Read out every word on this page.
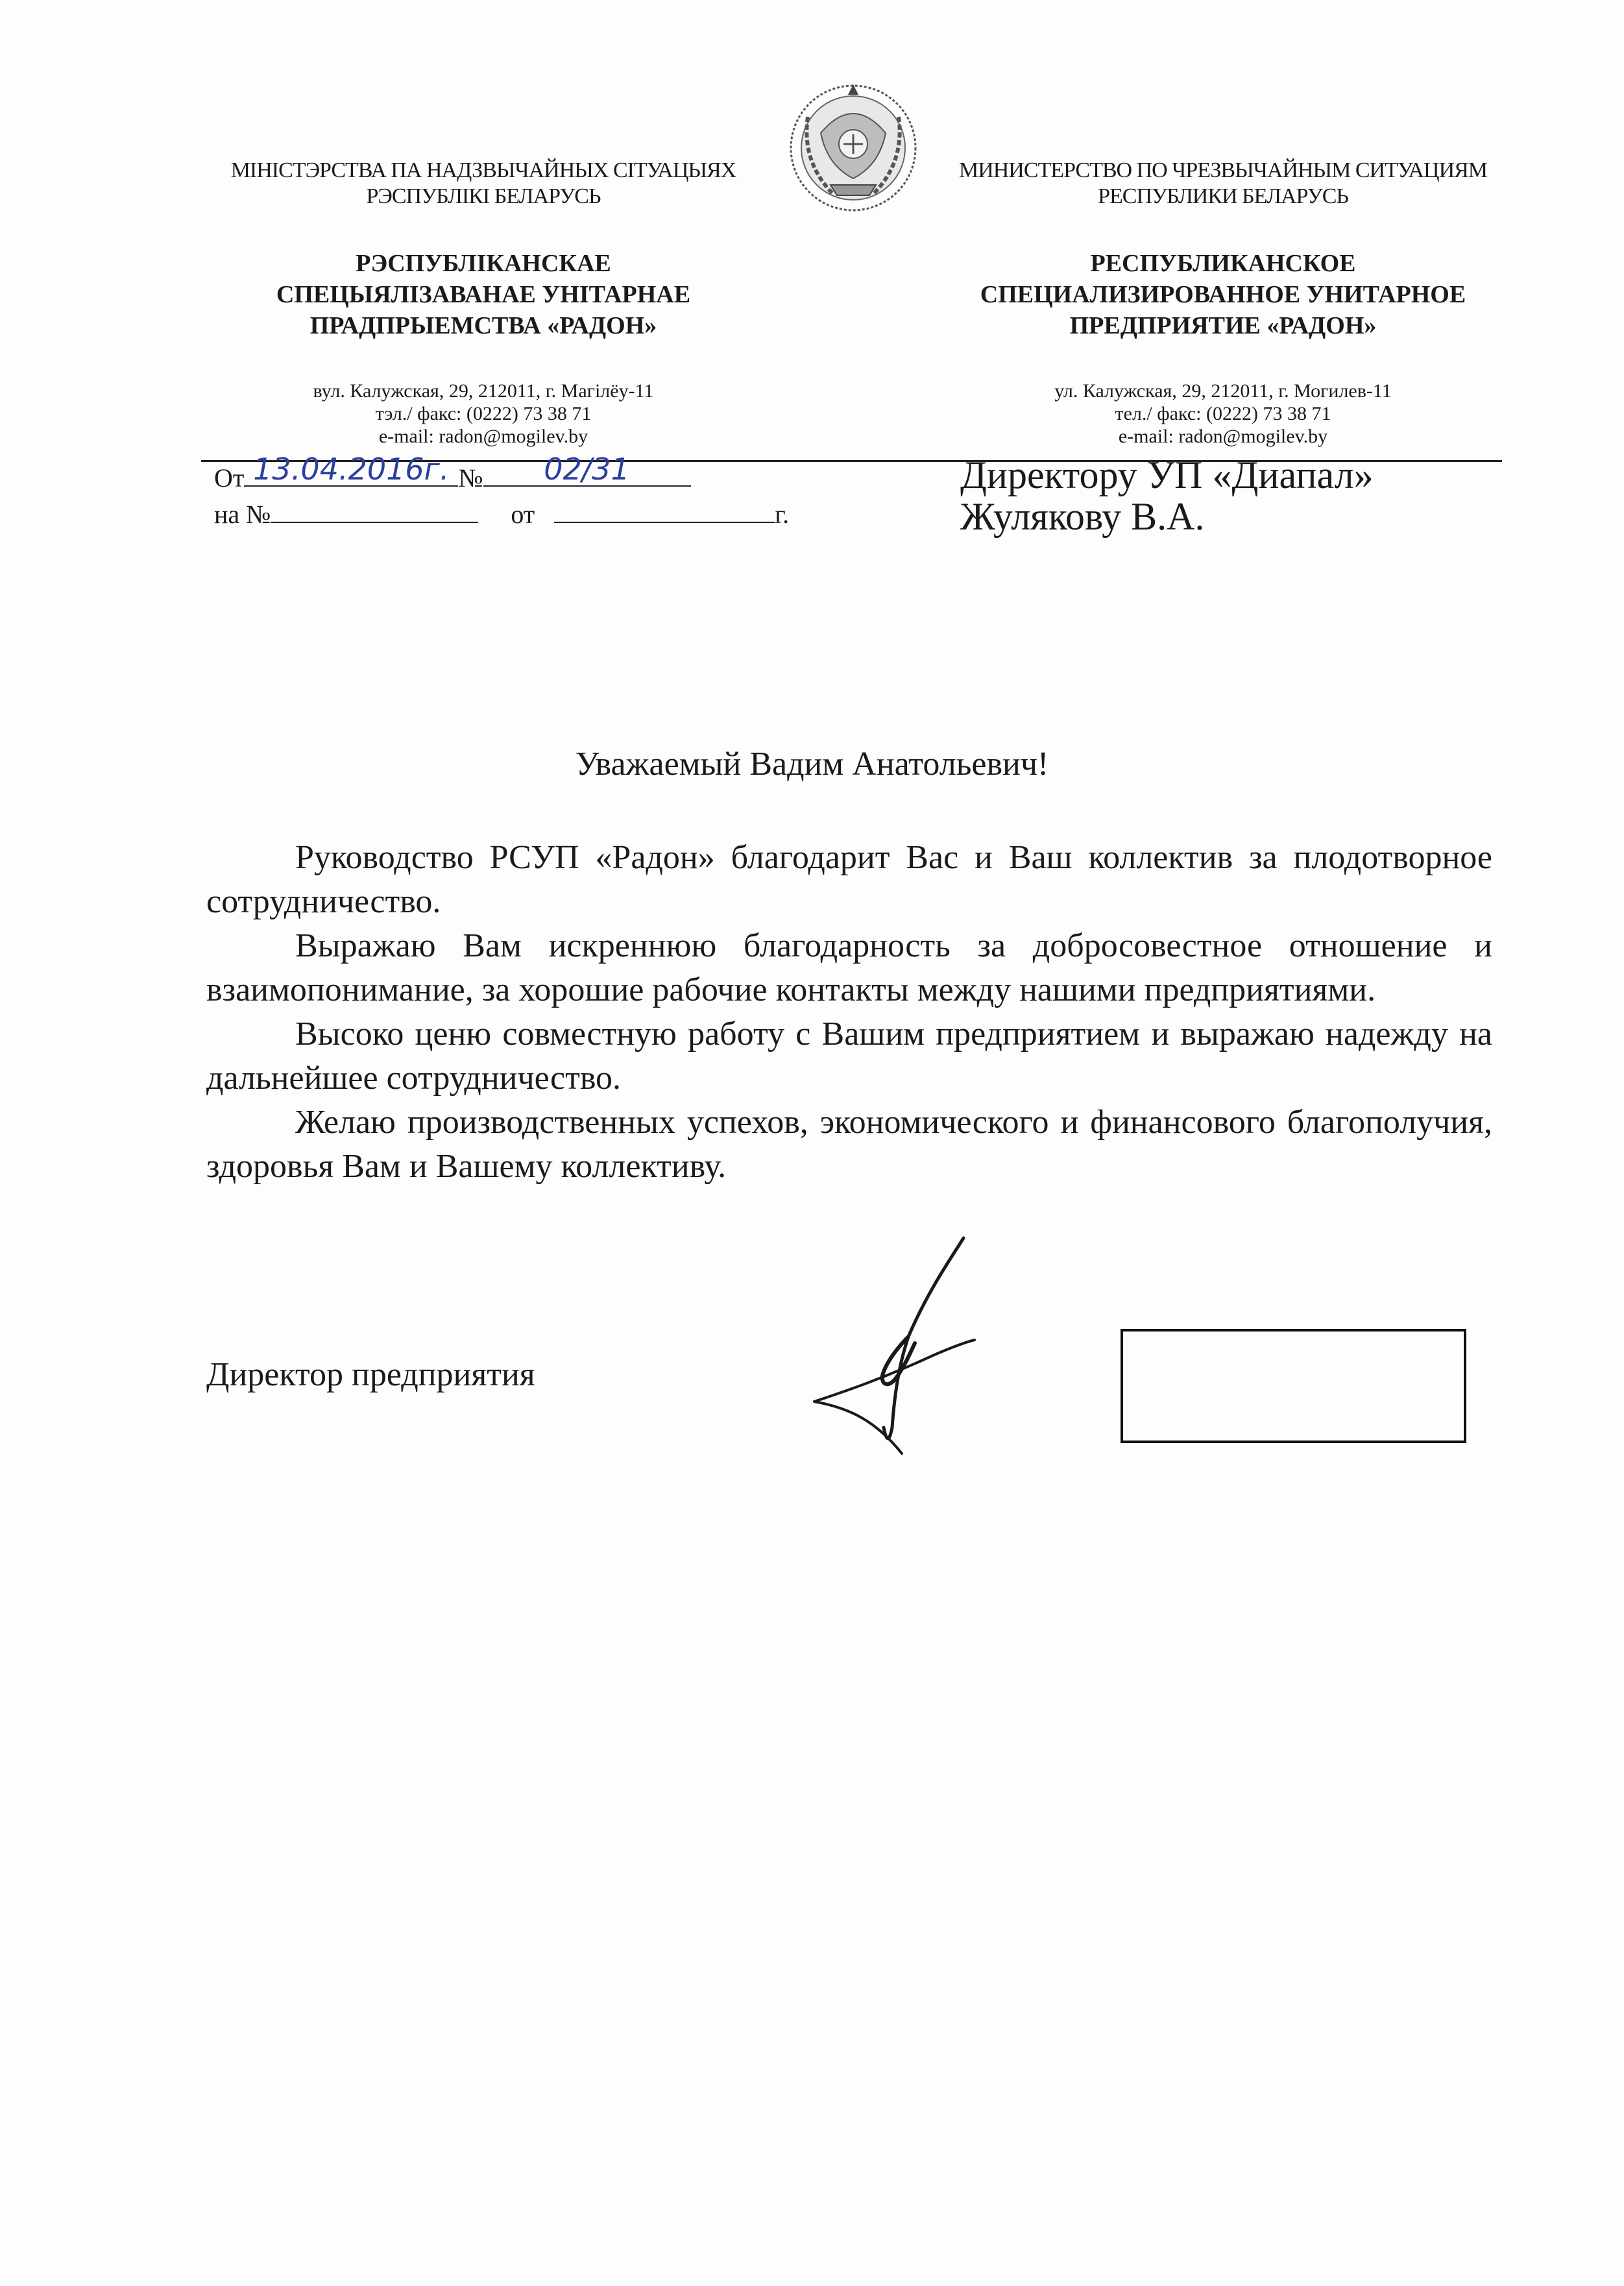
МІНІСТЭРСТВА ПА НАДЗВЫЧАЙНЫХ СІТУАЦЫЯХ
РЭСПУБЛІКІ БЕЛАРУСЬ
РЭСПУБЛІКАНСКАЕ
СПЕЦЫЯЛІЗАВАНАЕ УНІТАРНАЕ
ПРАДПРЫЕМСТВА «РАДОН»
вул. Калужская, 29, 212011, г. Магілёу-11
тэл./ факс: (0222) 73 38 71
e-mail: radon@mogilev.by
МИНИСТЕРСТВО ПО ЧРЕЗВЫЧАЙНЫМ СИТУАЦИЯМ
РЕСПУБЛИКИ БЕЛАРУСЬ
РЕСПУБЛИКАНСКОЕ
СПЕЦИАЛИЗИРОВАННОЕ УНИТАРНОЕ
ПРЕДПРИЯТИЕ «РАДОН»
ул. Калужская, 29, 212011, г. Могилев-11
тел./ факс: (0222) 73 38 71
e-mail: radon@mogilev.by
От 13.04.2016г. №	02/31
на №	от	г.
Директору УП «Диапал»
Жулякову В.А.
Уважаемый Вадим Анатольевич!

Руководство РСУП «Радон» благодарит Вас и Ваш коллектив за плодотворное сотрудничество.

Выражаю Вам искреннюю благодарность за добросовестное отношение и взаимопонимание, за хорошие рабочие контакты между нашими предприятиями.

Высоко ценю совместную работу с Вашим предприятием и выражаю надежду на дальнейшее сотрудничество.

Желаю производственных успехов, экономического и финансового благополучия, здоровья Вам и Вашему коллективу.

Директор предприятия
